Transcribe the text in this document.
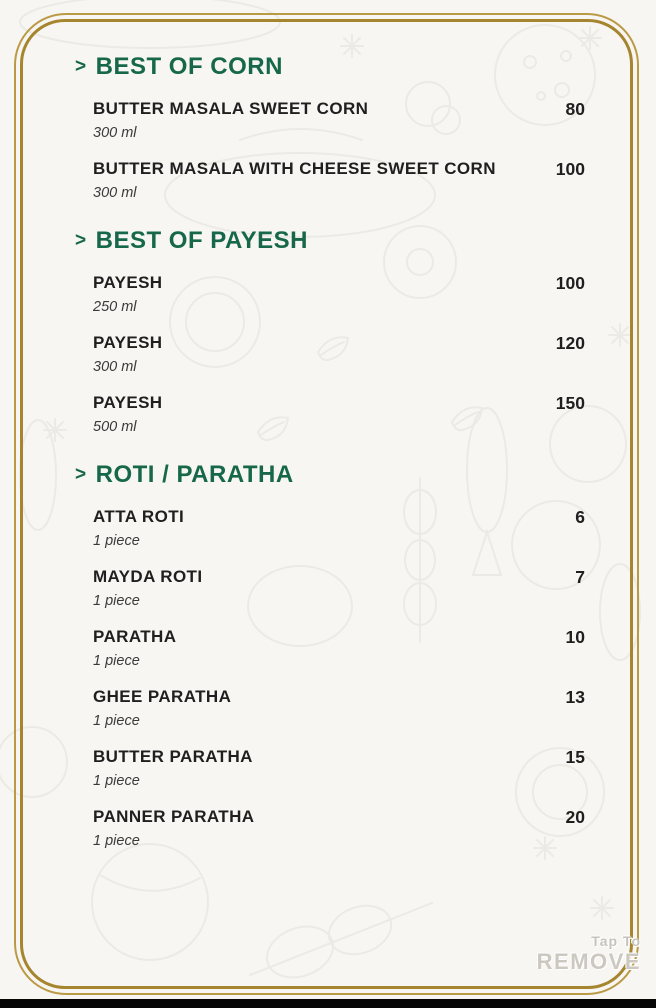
> BEST OF CORN
BUTTER MASALA SWEET CORN
300 ml
80
BUTTER MASALA WITH CHEESE SWEET CORN
300 ml
100
> BEST OF PAYESH
PAYESH
250 ml
100
PAYESH
300 ml
120
PAYESH
500 ml
150
> ROTI / PARATHA
ATTA ROTI
1 piece
6
MAYDA ROTI
1 piece
7
PARATHA
1 piece
10
GHEE PARATHA
1 piece
13
BUTTER PARATHA
1 piece
15
PANNER PARATHA
1 piece
20
Tap To
REMOVE
